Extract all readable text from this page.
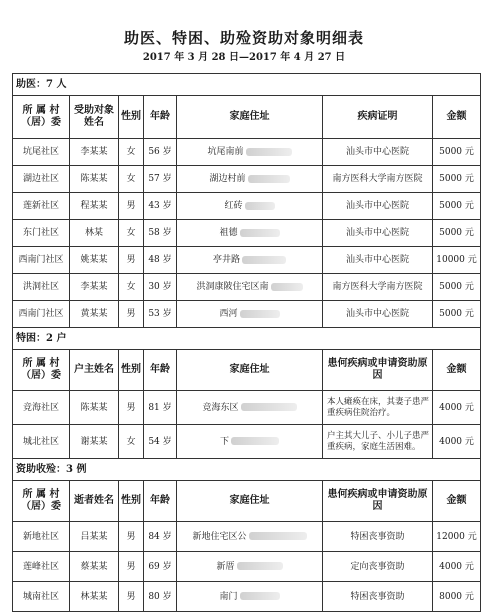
助医、特困、助殓资助对象明细表
2017 年 3 月 28 日—2017 年 4 月 27 日
助医：7 人						
所 属 村（居）委	受助对象姓名	性别	年龄	家庭住址	疾病证明	金额
坑尾社区	李某某	女	56 岁	坑尾南前	汕头市中心医院	5000 元
湖边社区	陈某某	女	57 岁	湖边村前	南方医科大学南方医院	5000 元
莲新社区	程某某	男	43 岁	红砖	汕头市中心医院	5000 元
东门社区	林某	女	58 岁	祖德	汕头市中心医院	5000 元
西南门社区	姚某某	男	48 岁	亭井路	汕头市中心医院	10000 元
洪洞社区	李某某	女	30 岁	洪洞康陂住宅区南	南方医科大学南方医院	5000 元
西南门社区	黄某某	男	53 岁	西河	汕头市中心医院	5000 元
特困：2 户						
所 属 村（居）委	户主姓名	性别	年龄	家庭住址	患何疾病或申请资助原因	金额
竞海社区	陈某某	男	81 岁	竞海东区	本人瘫痪在床，其妻子患严重疾病住院治疗。	4000 元
城北社区	谢某某	女	54 岁	下	户主其大儿子、小儿子患严重疾病，家庭生活困难。	4000 元
资助收殓：3 例						
所 属 村（居）委	逝者姓名	性别	年龄	家庭住址	患何疾病或申请资助原因	金额
新地社区	吕某某	男	84 岁	新地住宅区公	特困丧事资助	12000 元
莲峰社区	蔡某某	男	69 岁	新厝	定向丧事资助	4000 元
城南社区	林某某	男	80 岁	南门	特困丧事资助	8000 元
